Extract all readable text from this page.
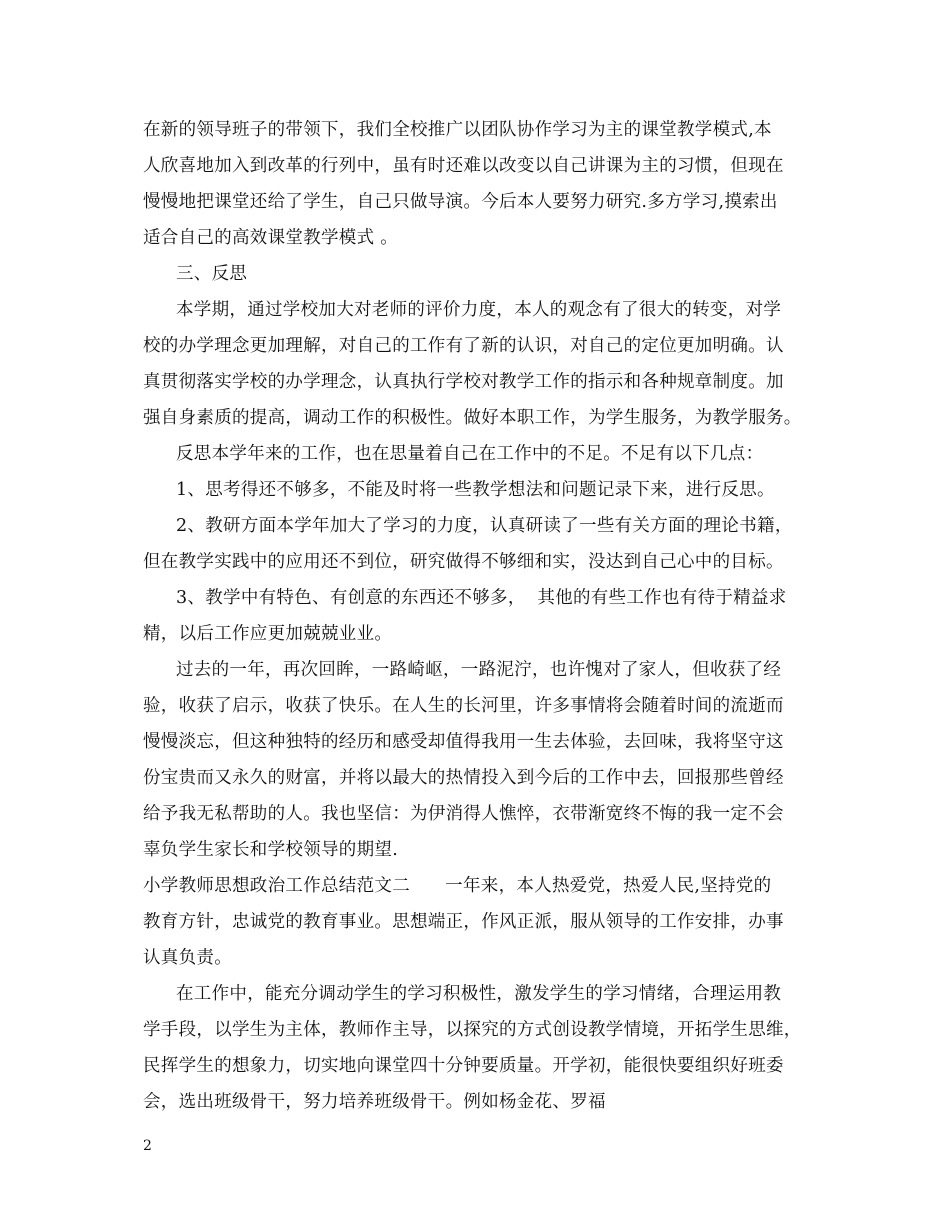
在新的领导班子的带领下，我们全校推广以团队协作学习为主的课堂教学模式,本
人欣喜地加入到改革的行列中，虽有时还难以改变以自己讲课为主的习惯，但现在
慢慢地把课堂还给了学生，自己只做导演。今后本人要努力研究.多方学习,摸索出
适合自己的高效课堂教学模式 。
三、反思
本学期，通过学校加大对老师的评价力度，本人的观念有了很大的转变，对学
校的办学理念更加理解，对自己的工作有了新的认识，对自己的定位更加明确。认
真贯彻落实学校的办学理念，认真执行学校对教学工作的指示和各种规章制度。加
强自身素质的提高，调动工作的积极性。做好本职工作，为学生服务，为教学服务。
反思本学年来的工作，也在思量着自己在工作中的不足。不足有以下几点：
1、思考得还不够多，不能及时将一些教学想法和问题记录下来，进行反思。
2、教研方面本学年加大了学习的力度，认真研读了一些有关方面的理论书籍，
但在教学实践中的应用还不到位，研究做得不够细和实，没达到自己心中的目标。
3、教学中有特色、有创意的东西还不够多，  其他的有些工作也有待于精益求
精，以后工作应更加兢兢业业。
过去的一年，再次回眸，一路崎岖，一路泥泞，也许愧对了家人，但收获了经
验，收获了启示，收获了快乐。在人生的长河里，许多事情将会随着时间的流逝而
慢慢淡忘，但这种独特的经历和感受却值得我用一生去体验，去回味，我将坚守这
份宝贵而又永久的财富，并将以最大的热情投入到今后的工作中去，回报那些曾经
给予我无私帮助的人。我也坚信：为伊消得人憔悴，衣带渐宽终不悔的我一定不会
辜负学生家长和学校领导的期望.
小学教师思想政治工作总结范文二      一年来，本人热爱党，热爱人民,坚持党的
教育方针，忠诚党的教育事业。思想端正，作风正派，服从领导的工作安排，办事
认真负责。
在工作中，能充分调动学生的学习积极性，激发学生的学习情绪，合理运用教
学手段，以学生为主体，教师作主导，以探究的方式创设教学情境，开拓学生思维，
民挥学生的想象力，切实地向课堂四十分钟要质量。开学初，能很快要组织好班委
会，选出班级骨干，努力培养班级骨干。例如杨金花、罗福
2
